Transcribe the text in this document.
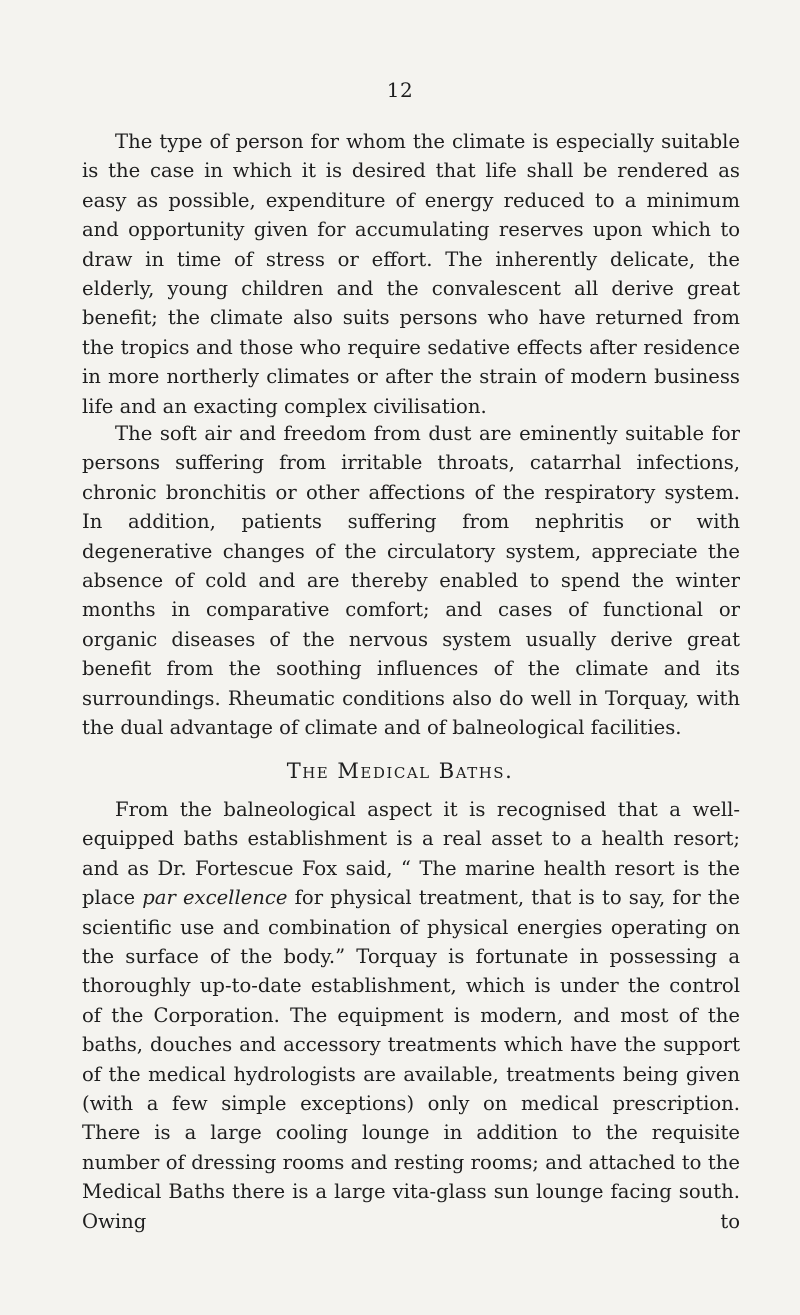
12

The type of person for whom the climate is especially suitable is the case in which it is desired that life shall be rendered as easy as possible, expenditure of energy reduced to a minimum and opportunity given for accumulating reserves upon which to draw in time of stress or effort. The inherently delicate, the elderly, young children and the convalescent all derive great benefit; the climate also suits persons who have returned from the tropics and those who require sedative effects after residence in more northerly climates or after the strain of modern business life and an exacting complex civilisation.

The soft air and freedom from dust are eminently suitable for persons suffering from irritable throats, catarrhal infections, chronic bronchitis or other affections of the respiratory system. In addition, patients suffering from nephritis or with degenerative changes of the circulatory system, appreciate the absence of cold and are thereby enabled to spend the winter months in comparative comfort; and cases of functional or organic diseases of the nervous system usually derive great benefit from the soothing influences of the climate and its surroundings. Rheumatic conditions also do well in Torquay, with the dual advantage of climate and of balneological facilities.

The Medical Baths.

From the balneological aspect it is recognised that a well-equipped baths establishment is a real asset to a health resort; and as Dr. Fortescue Fox said, “ The marine health resort is the place par excellence for physical treatment, that is to say, for the scientific use and combination of physical energies operating on the surface of the body.” Torquay is fortunate in possessing a thoroughly up-to-date establishment, which is under the control of the Corporation. The equipment is modern, and most of the baths, douches and accessory treatments which have the support of the medical hydrologists are available, treatments being given (with a few simple exceptions) only on medical prescription. There is a large cooling lounge in addition to the requisite number of dressing rooms and resting rooms; and attached to the Medical Baths there is a large vita-glass sun lounge facing south. Owing to
